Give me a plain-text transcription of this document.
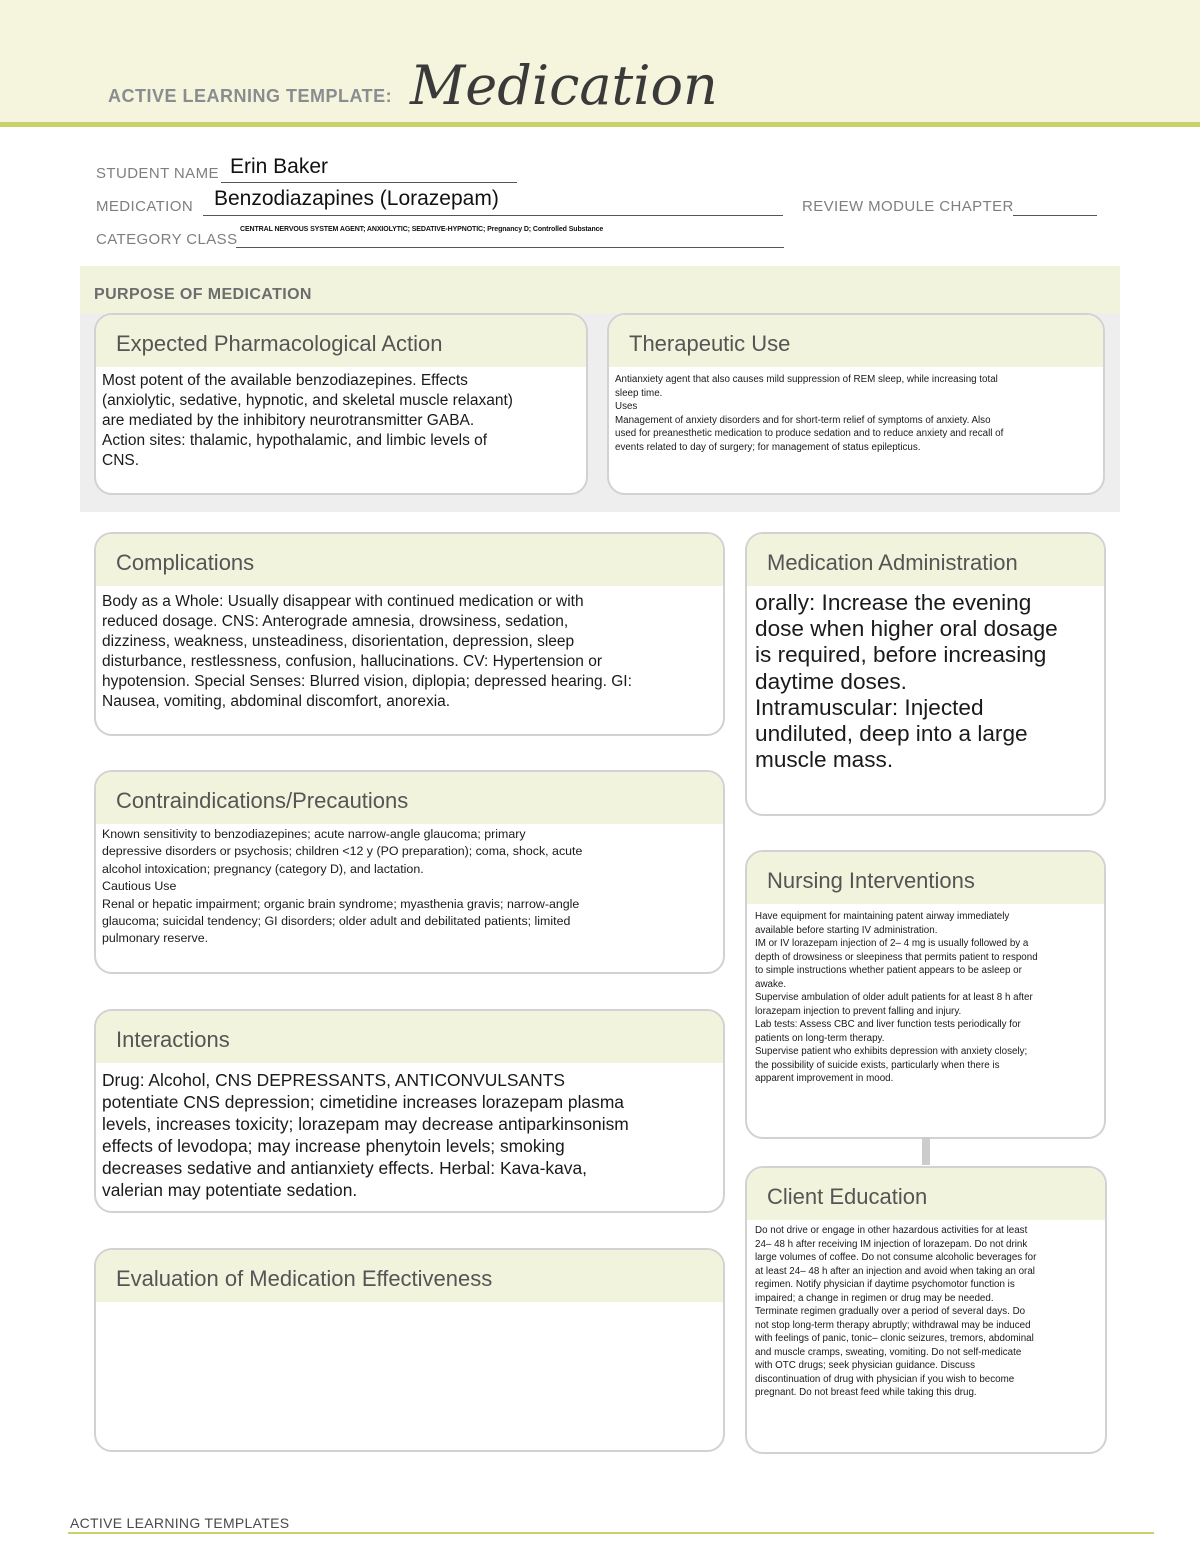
ACTIVE LEARNING TEMPLATE: Medication
STUDENT NAME Erin Baker
MEDICATION Benzodiazapines (Lorazepam)	REVIEW MODULE CHAPTER
CATEGORY CLASS
CENTRAL NERVOUS SYSTEM AGENT; ANXIOLYTIC; SEDATIVE-HYPNOTIC; Pregnancy D; Controlled Substance
PURPOSE OF MEDICATION
Expected Pharmacological Action
Most potent of the available benzodiazepines. Effects
(anxiolytic, sedative, hypnotic, and skeletal muscle relaxant)
are mediated by the inhibitory neurotransmitter GABA.
Action sites: thalamic, hypothalamic, and limbic levels of
CNS.
Therapeutic Use
Antianxiety agent that also causes mild suppression of REM sleep, while increasing total
sleep time.
Uses
Management of anxiety disorders and for short-term relief of symptoms of anxiety. Also
used for preanesthetic medication to produce sedation and to reduce anxiety and recall of
events related to day of surgery; for management of status epilepticus.
Complications
Body as a Whole: Usually disappear with continued medication or with
reduced dosage. CNS: Anterograde amnesia, drowsiness, sedation,
dizziness, weakness, unsteadiness, disorientation, depression, sleep
disturbance, restlessness, confusion, hallucinations. CV: Hypertension or
hypotension. Special Senses: Blurred vision, diplopia; depressed hearing. GI:
Nausea, vomiting, abdominal discomfort, anorexia.
Contraindications/Precautions
Known sensitivity to benzodiazepines; acute narrow-angle glaucoma; primary
depressive disorders or psychosis; children <12 y (PO preparation); coma, shock, acute
alcohol intoxication; pregnancy (category D), and lactation.
Cautious Use
Renal or hepatic impairment; organic brain syndrome; myasthenia gravis; narrow-angle
glaucoma; suicidal tendency; GI disorders; older adult and debilitated patients; limited
pulmonary reserve.
Interactions
Drug: Alcohol, CNS DEPRESSANTS, ANTICONVULSANTS
potentiate CNS depression; cimetidine increases lorazepam plasma
levels, increases toxicity; lorazepam may decrease antiparkinsonism
effects of levodopa; may increase phenytoin levels; smoking
decreases sedative and antianxiety effects. Herbal: Kava-kava,
valerian may potentiate sedation.
Evaluation of Medication Effectiveness
Medication Administration
orally: Increase the evening
dose when higher oral dosage
is required, before increasing
daytime doses.
Intramuscular: Injected
undiluted, deep into a large
muscle mass.
Nursing Interventions
Have equipment for maintaining patent airway immediately
available before starting IV administration.
IM or IV lorazepam injection of 2– 4 mg is usually followed by a
depth of drowsiness or sleepiness that permits patient to respond
to simple instructions whether patient appears to be asleep or
awake.
Supervise ambulation of older adult patients for at least 8 h after
lorazepam injection to prevent falling and injury.
Lab tests: Assess CBC and liver function tests periodically for
patients on long-term therapy.
Supervise patient who exhibits depression with anxiety closely;
the possibility of suicide exists, particularly when there is
apparent improvement in mood.
Client Education
Do not drive or engage in other hazardous activities for at least
24– 48 h after receiving IM injection of lorazepam. Do not drink
large volumes of coffee. Do not consume alcoholic beverages for
at least 24– 48 h after an injection and avoid when taking an oral
regimen. Notify physician if daytime psychomotor function is
impaired; a change in regimen or drug may be needed.
Terminate regimen gradually over a period of several days. Do
not stop long-term therapy abruptly; withdrawal may be induced
with feelings of panic, tonic– clonic seizures, tremors, abdominal
and muscle cramps, sweating, vomiting. Do not self-medicate
with OTC drugs; seek physician guidance. Discuss
discontinuation of drug with physician if you wish to become
pregnant. Do not breast feed while taking this drug.
ACTIVE LEARNING TEMPLATES
